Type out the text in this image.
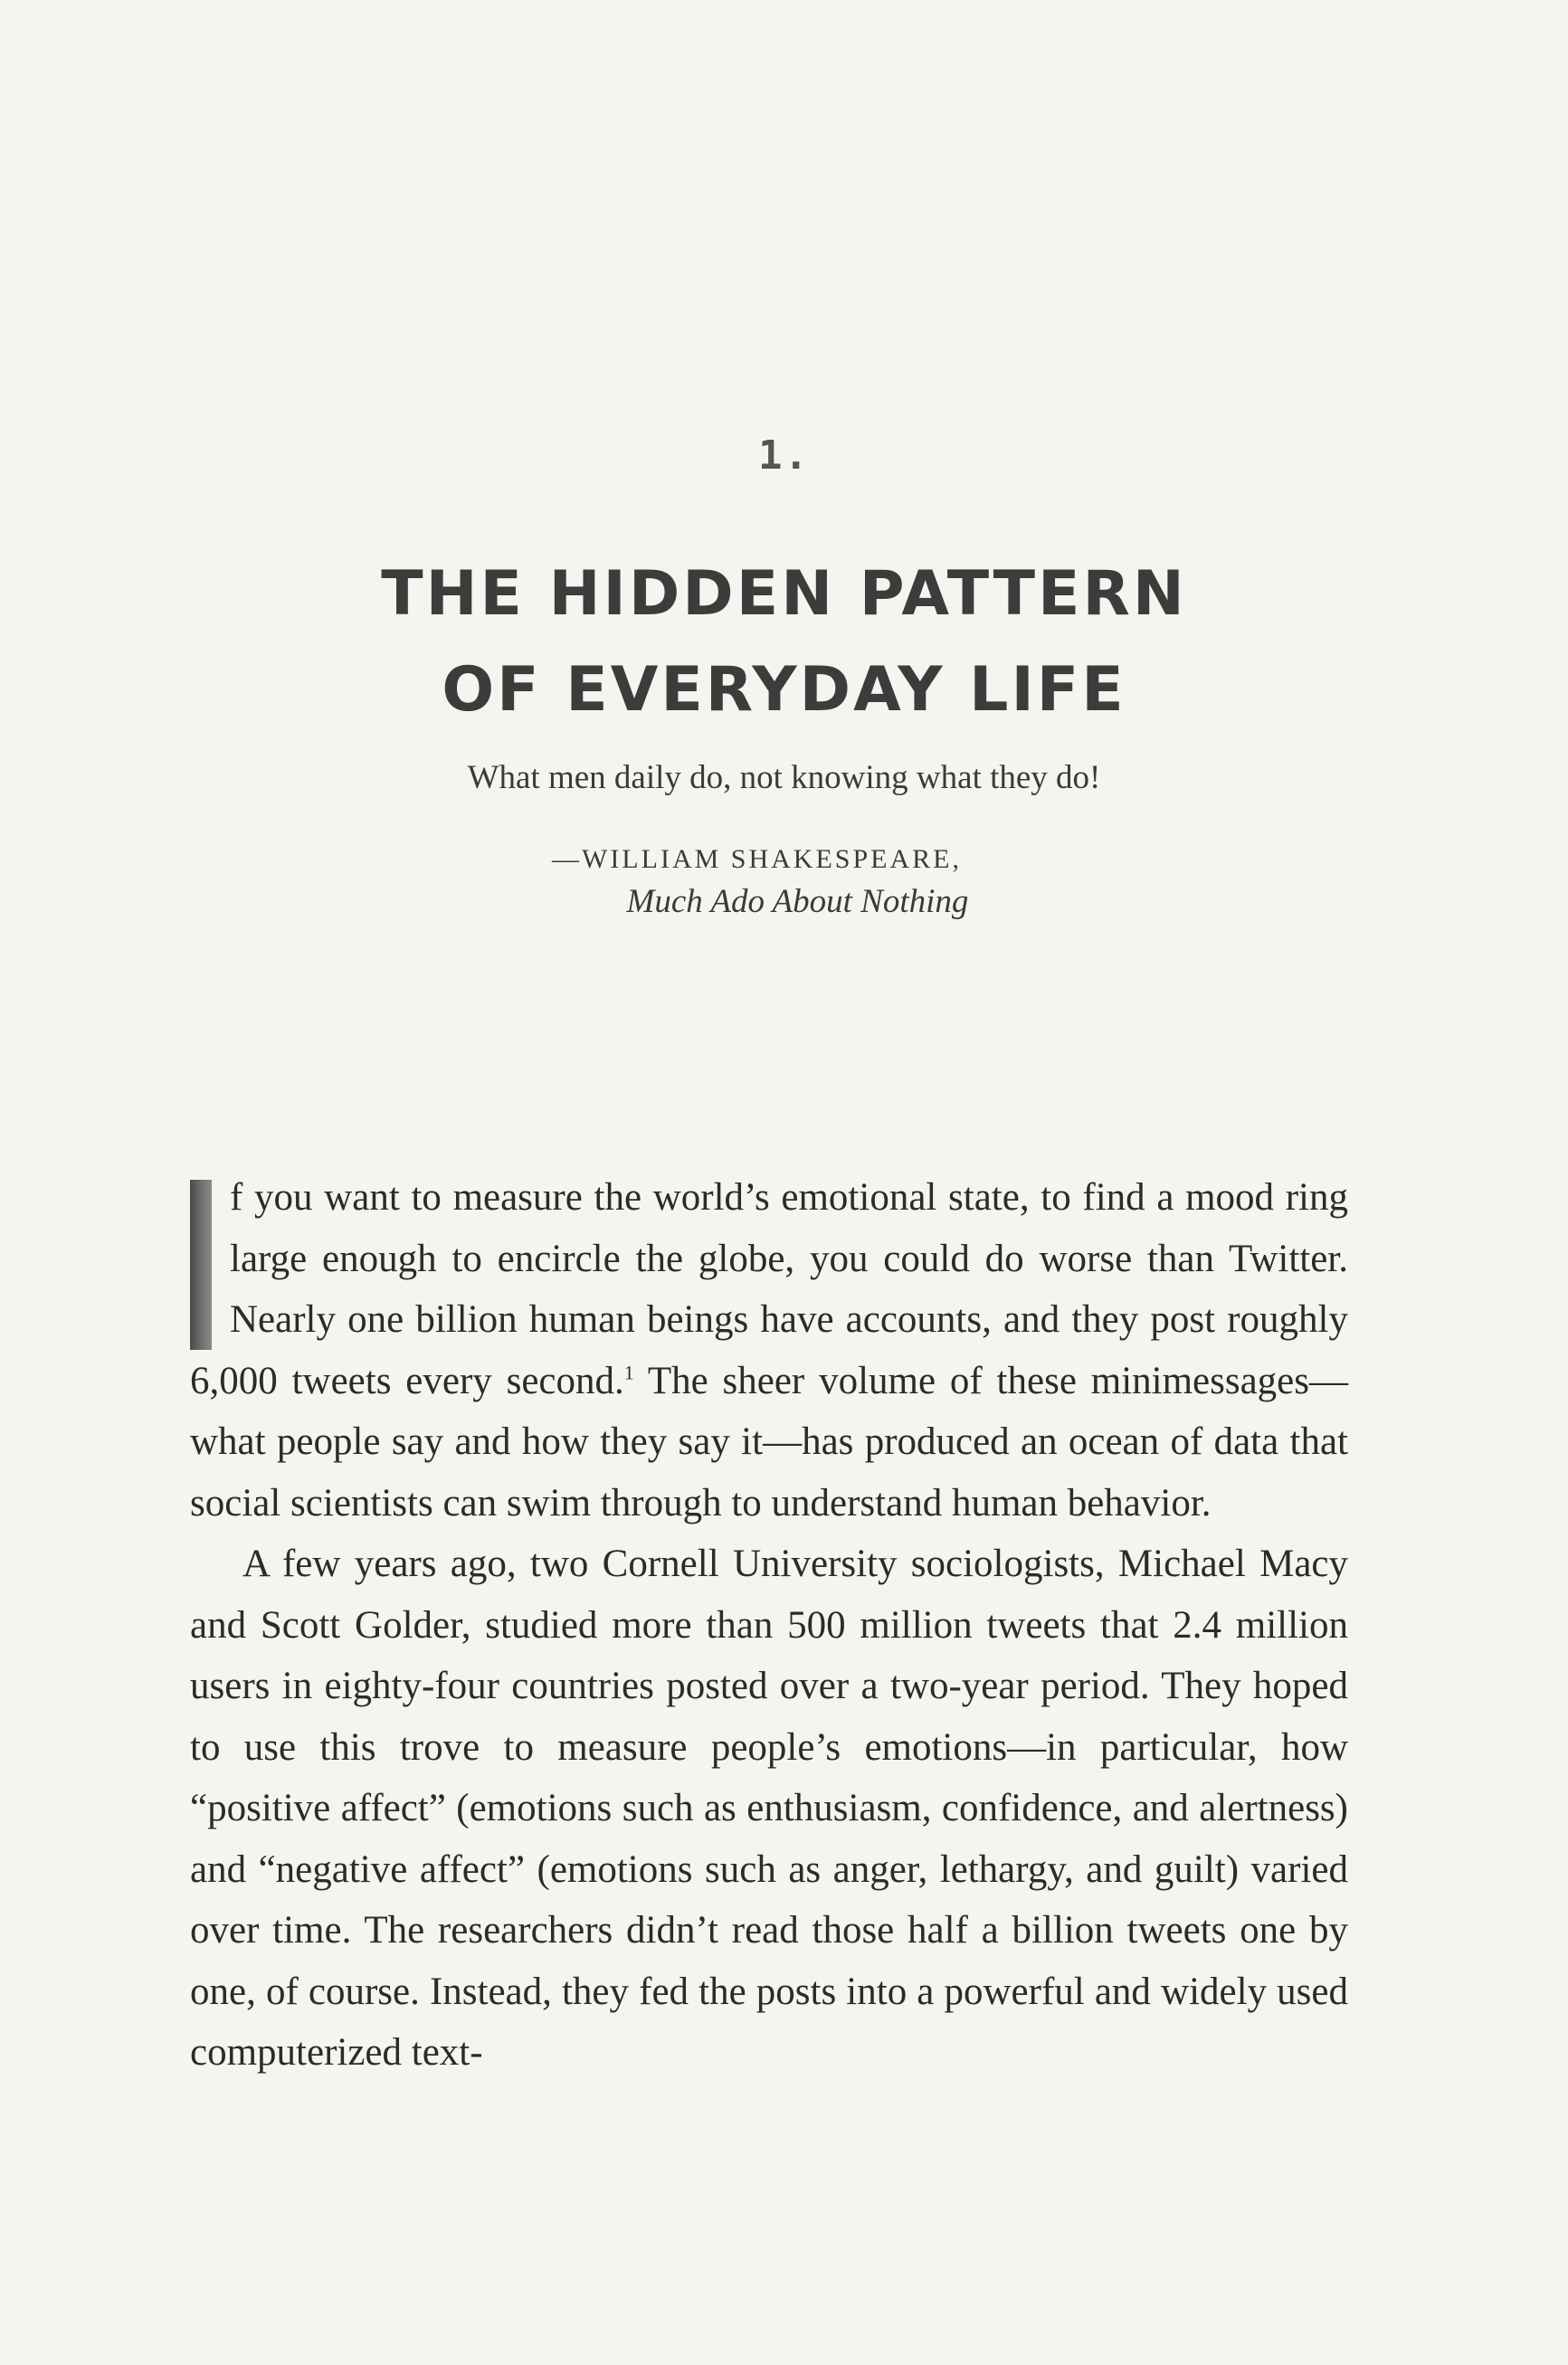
1.
THE HIDDEN PATTERN
OF EVERYDAY LIFE
What men daily do, not knowing what they do!
—WILLIAM SHAKESPEARE,
Much Ado About Nothing

f you want to measure the world’s emotional state, to find a mood ring large enough to encircle the globe, you could do worse than Twitter. Nearly one billion human beings have accounts, and they post roughly 6,000 tweets every second.$^1$ The sheer volume of these minimessages—what people say and how they say it—has produced an ocean of data that social scientists can swim through to understand human behavior.

A few years ago, two Cornell University sociologists, Michael Macy and Scott Golder, studied more than 500 million tweets that 2.4 million users in eighty-four countries posted over a two-year period. They hoped to use this trove to measure people’s emotions—in particular, how “positive affect” (emotions such as enthusiasm, confidence, and alertness) and “negative affect” (emotions such as anger, lethargy, and guilt) varied over time. The researchers didn’t read those half a billion tweets one by one, of course. Instead, they fed the posts into a powerful and widely used computerized text-
